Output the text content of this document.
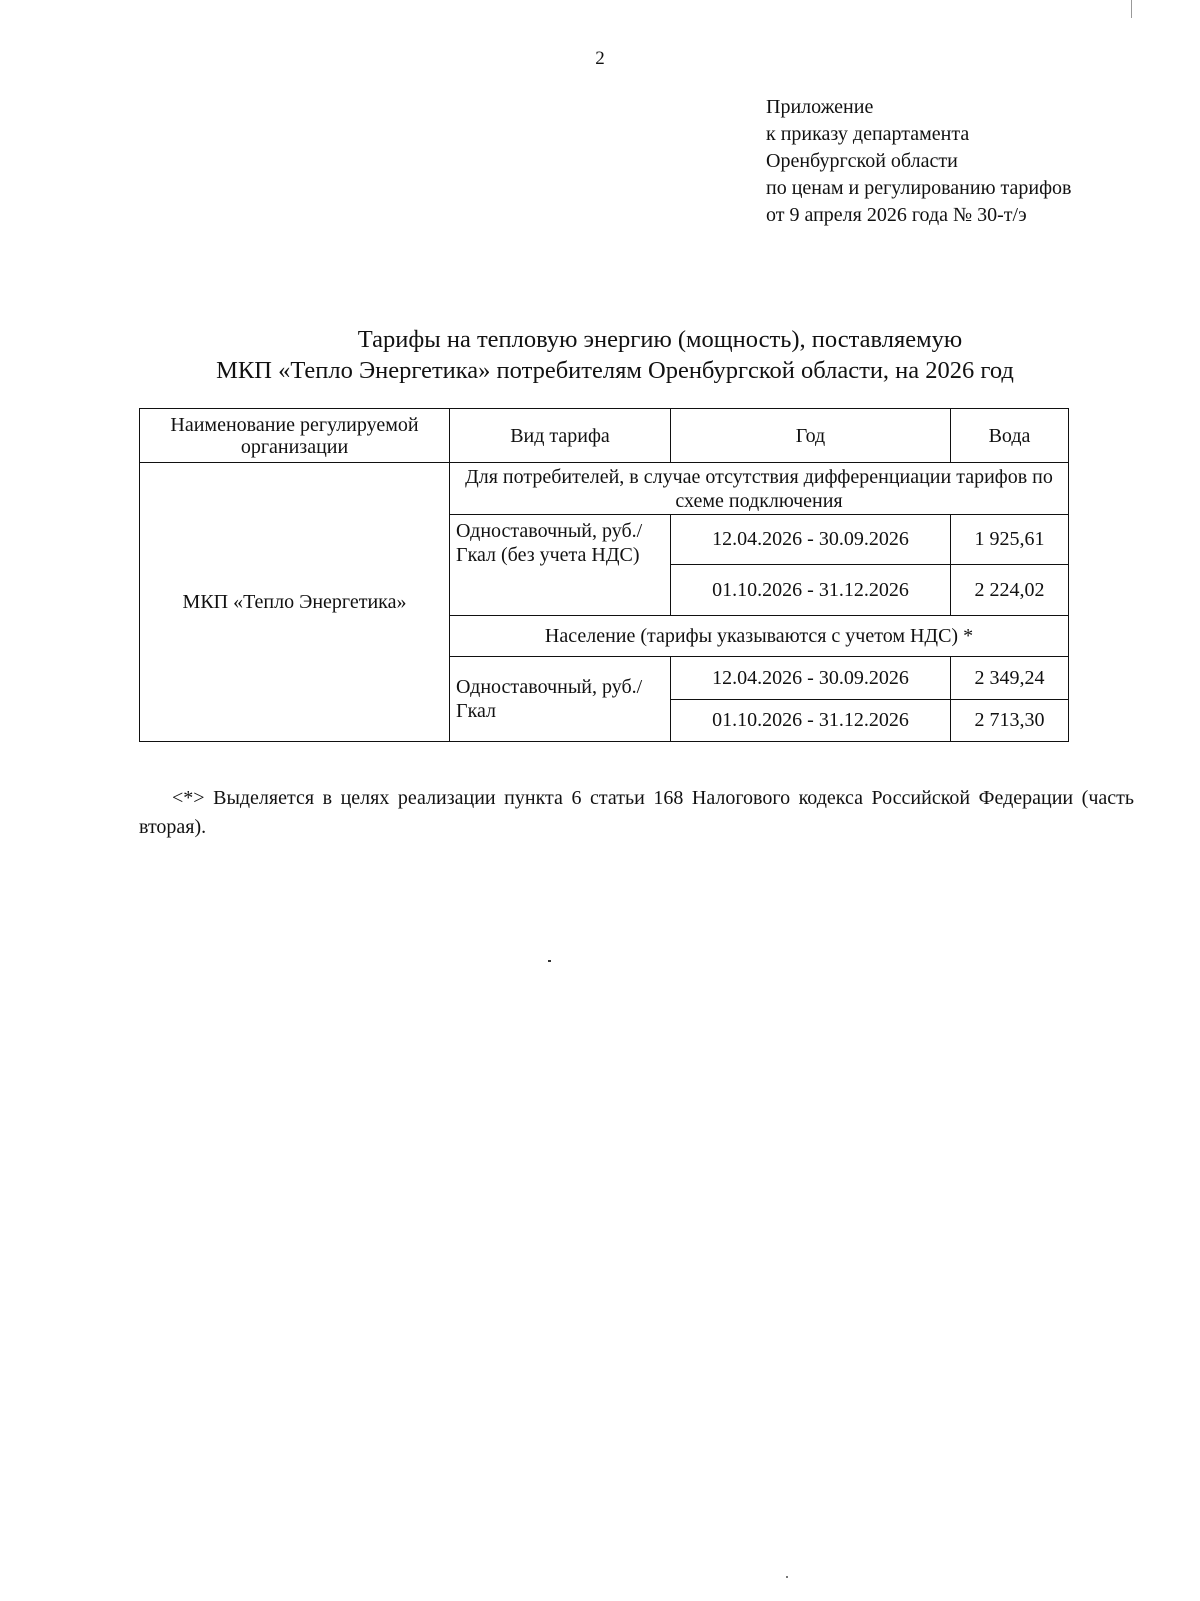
2
Приложение
к приказу департамента
Оренбургской области
по ценам и регулированию тарифов
от 9 апреля 2026 года № 30-т/э
Тарифы на тепловую энергию (мощность), поставляемую
МКП «Тепло Энергетика» потребителям Оренбургской области, на 2026 год
Наименование регулируемой организации	Вид тарифа	Год	Вода
МКП «Тепло Энергетика»	Для потребителей, в случае отсутствия дифференциации тарифов по схеме подключения		
	Одноставочный, руб./Гкал (без учета НДС)	12.04.2026 - 30.09.2026	1 925,61
		01.10.2026 - 31.12.2026	2 224,02
	Население (тарифы указываются с учетом НДС) *		
	Одноставочный, руб./Гкал	12.04.2026 - 30.09.2026	2 349,24
		01.10.2026 - 31.12.2026	2 713,30
<*> Выделяется в целях реализации пункта 6 статьи 168 Налогового кодекса Российской Федерации (часть вторая).
